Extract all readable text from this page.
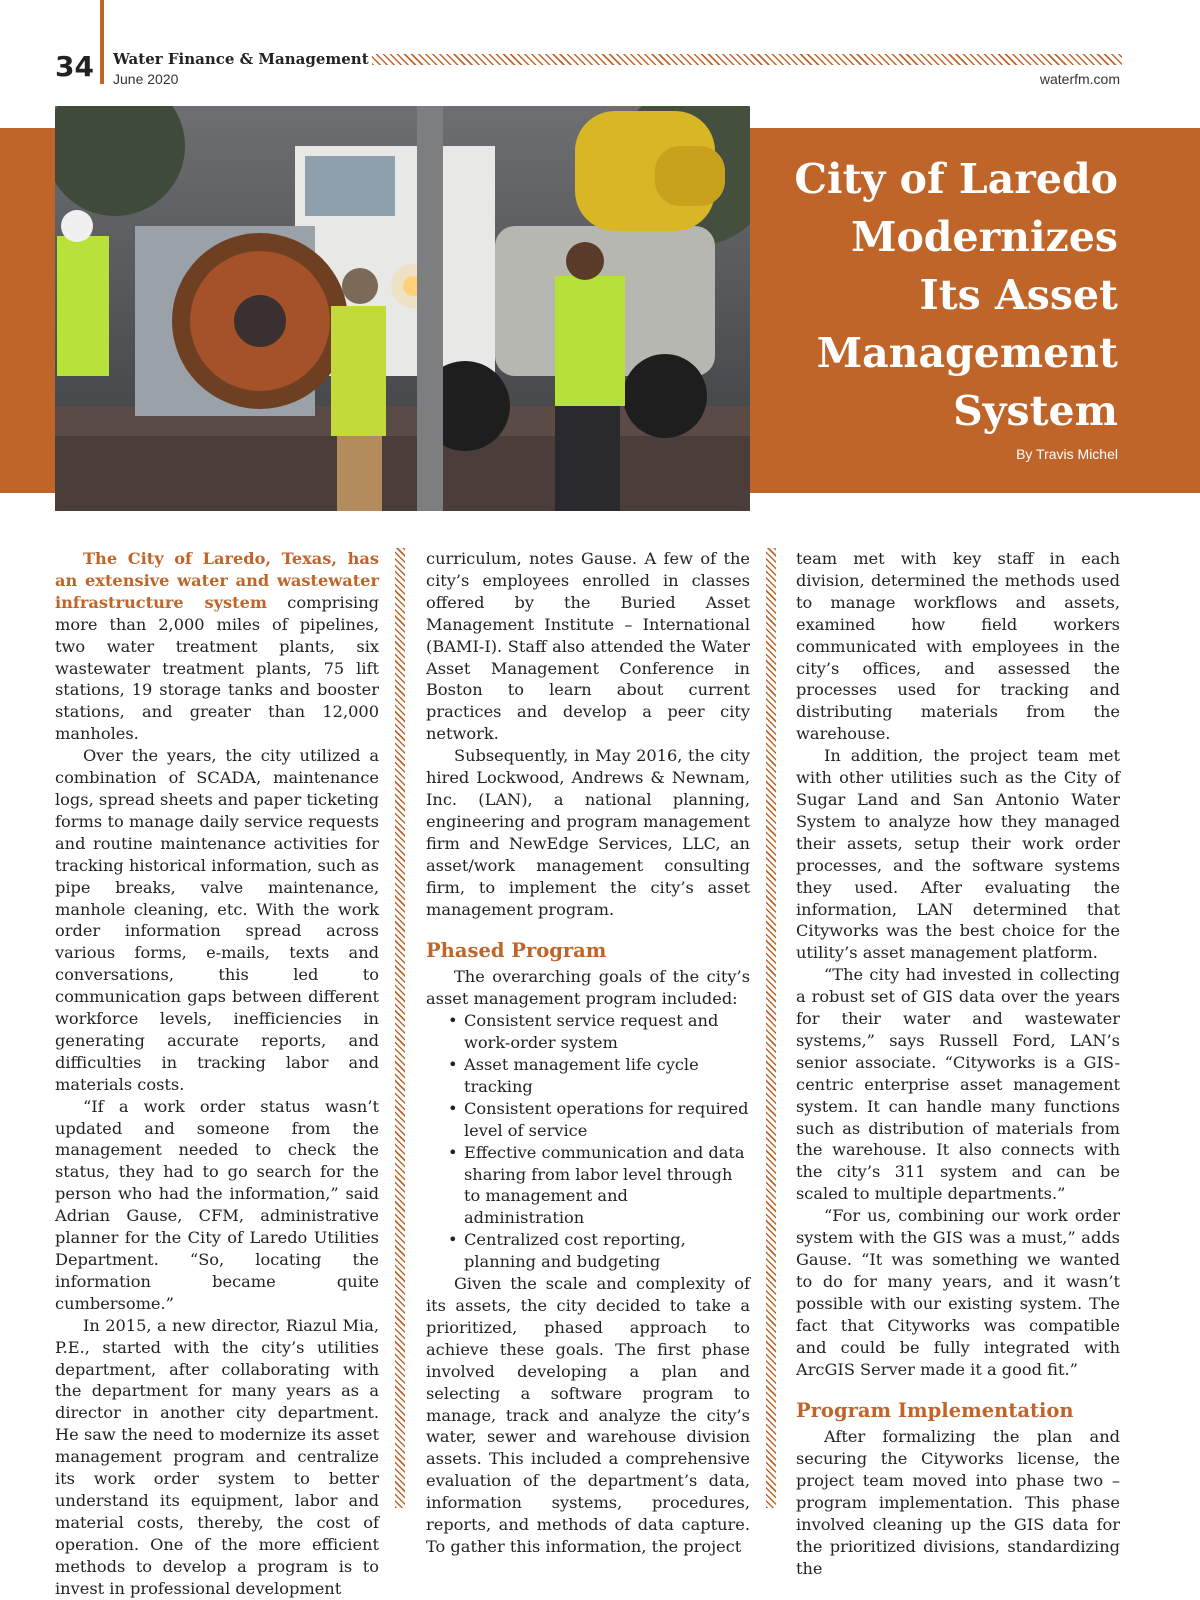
34 Water Finance & Management
June 2020	waterfm.com
City of Laredo
Modernizes
Its Asset
Management
System
By Travis Michel

The City of Laredo, Texas, has an extensive water and wastewater infrastructure system comprising more than 2,000 miles of pipelines, two water treatment plants, six wastewater treatment plants, 75 lift stations, 19 storage tanks and booster stations, and greater than 12,000 manholes.

Over the years, the city utilized a combination of SCADA, maintenance logs, spread sheets and paper ticketing forms to manage daily service requests and routine maintenance activities for tracking historical information, such as pipe breaks, valve maintenance, manhole cleaning, etc. With the work order information spread across various forms, e-mails, texts and conversations, this led to communication gaps between different workforce levels, inefficiencies in generating accurate reports, and difficulties in tracking labor and materials costs.

“If a work order status wasn’t updated and someone from the management needed to check the status, they had to go search for the person who had the information,” said Adrian Gause, CFM, administrative planner for the City of Laredo Utilities Department. “So, locating the information became quite cumbersome.”

In 2015, a new director, Riazul Mia, P.E., started with the city’s utilities department, after collaborating with the department for many years as a director in another city department. He saw the need to modernize its asset management program and centralize its work order system to better understand its equipment, labor and material costs, thereby, the cost of operation. One of the more efficient methods to develop a program is to invest in professional development

curriculum, notes Gause. A few of the city’s employees enrolled in classes offered by the Buried Asset Management Institute – International (BAMI-I). Staff also attended the Water Asset Management Conference in Boston to learn about current practices and develop a peer city network.

Subsequently, in May 2016, the city hired Lockwood, Andrews & Newnam, Inc. (LAN), a national planning, engineering and program management firm and NewEdge Services, LLC, an asset/work management consulting firm, to implement the city’s asset management program.

Phased Program

The overarching goals of the city’s asset management program included:

• Consistent service request and work-order system
• Asset management life cycle tracking
• Consistent operations for required level of service
• Effective communication and data sharing from labor level through to management and administration
• Centralized cost reporting, planning and budgeting

Given the scale and complexity of its assets, the city decided to take a prioritized, phased approach to achieve these goals. The first phase involved developing a plan and selecting a software program to manage, track and analyze the city’s water, sewer and warehouse division assets. This included a comprehensive evaluation of the department’s data, information systems, procedures, reports, and methods of data capture. To gather this information, the project

team met with key staff in each division, determined the methods used to manage workflows and assets, examined how field workers communicated with employees in the city’s offices, and assessed the processes used for tracking and distributing materials from the warehouse.

In addition, the project team met with other utilities such as the City of Sugar Land and San Antonio Water System to analyze how they managed their assets, setup their work order processes, and the software systems they used. After evaluating the information, LAN determined that Cityworks was the best choice for the utility’s asset management platform.

“The city had invested in collecting a robust set of GIS data over the years for their water and wastewater systems,” says Russell Ford, LAN’s senior associate. “Cityworks is a GIS-centric enterprise asset management system. It can handle many functions such as distribution of materials from the warehouse. It also connects with the city’s 311 system and can be scaled to multiple departments.”

“For us, combining our work order system with the GIS was a must,” adds Gause. “It was something we wanted to do for many years, and it wasn’t possible with our existing system. The fact that Cityworks was compatible and could be fully integrated with ArcGIS Server made it a good fit.”

Program Implementation

After formalizing the plan and securing the Cityworks license, the project team moved into phase two – program implementation. This phase involved cleaning up the GIS data for the prioritized divisions, standardizing the
